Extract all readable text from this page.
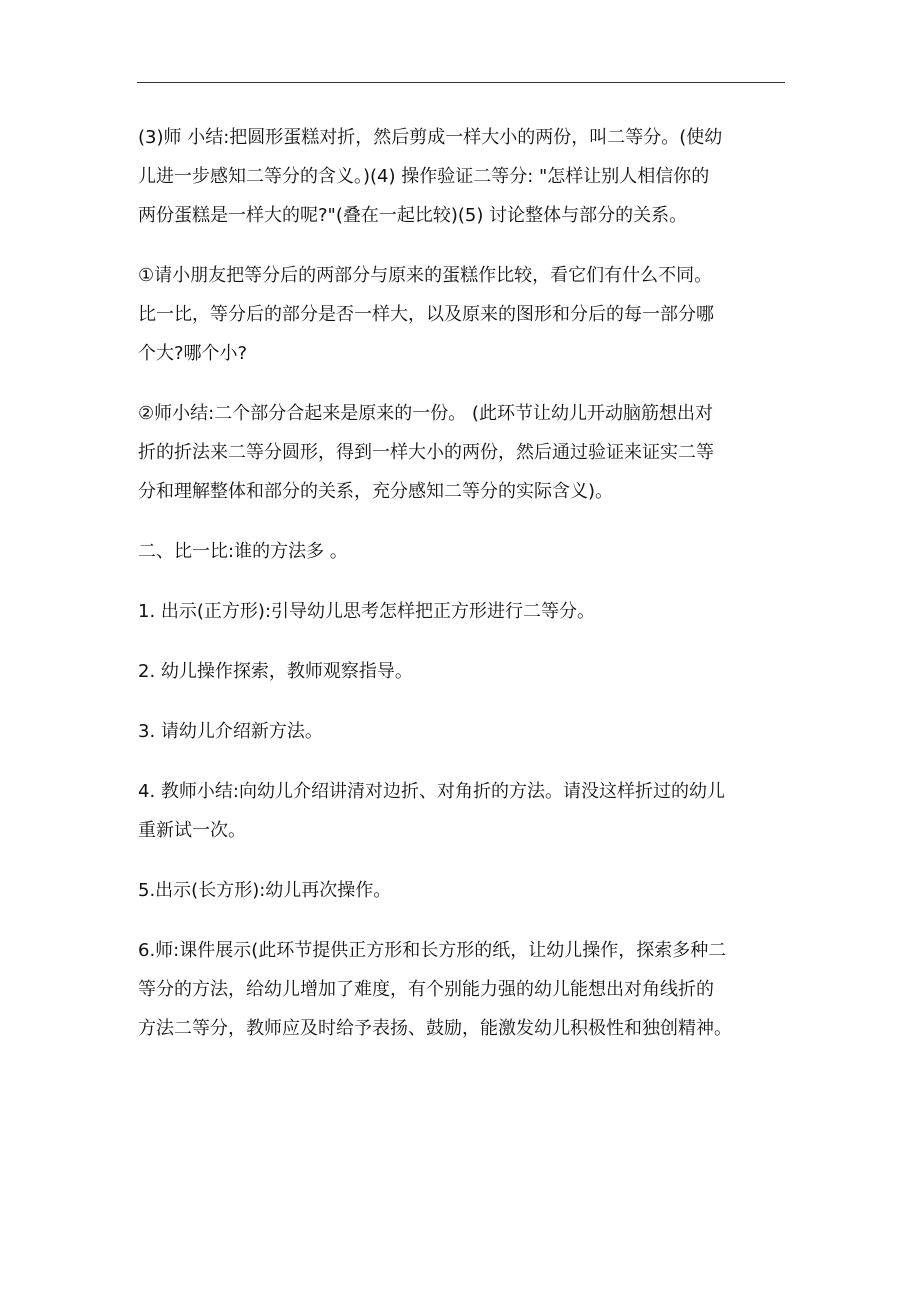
(3)师 小结:把圆形蛋糕对折，然后剪成一样大小的两份，叫二等分。(使幼
儿进一步感知二等分的含义。)(4) 操作验证二等分: "怎样让别人相信你的
两份蛋糕是一样大的呢?"(叠在一起比较)(5) 讨论整体与部分的关系。
①请小朋友把等分后的两部分与原来的蛋糕作比较，看它们有什么不同。
比一比，等分后的部分是否一样大，以及原来的图形和分后的每一部分哪
个大?哪个小?
②师小结:二个部分合起来是原来的一份。 (此环节让幼儿开动脑筋想出对
折的折法来二等分圆形，得到一样大小的两份，然后通过验证来证实二等
分和理解整体和部分的关系，充分感知二等分的实际含义)。
二、比一比:谁的方法多 。
1. 出示(正方形):引导幼儿思考怎样把正方形进行二等分。
2. 幼儿操作探索，教师观察指导。
3. 请幼儿介绍新方法。
4. 教师小结:向幼儿介绍讲清对边折、对角折的方法。请没这样折过的幼儿
重新试一次。
5.出示(长方形):幼儿再次操作。
6.师:课件展示(此环节提供正方形和长方形的纸，让幼儿操作，探索多种二
等分的方法，给幼儿增加了难度，有个别能力强的幼儿能想出对角线折的
方法二等分，教师应及时给予表扬、鼓励，能激发幼儿积极性和独创精神。
